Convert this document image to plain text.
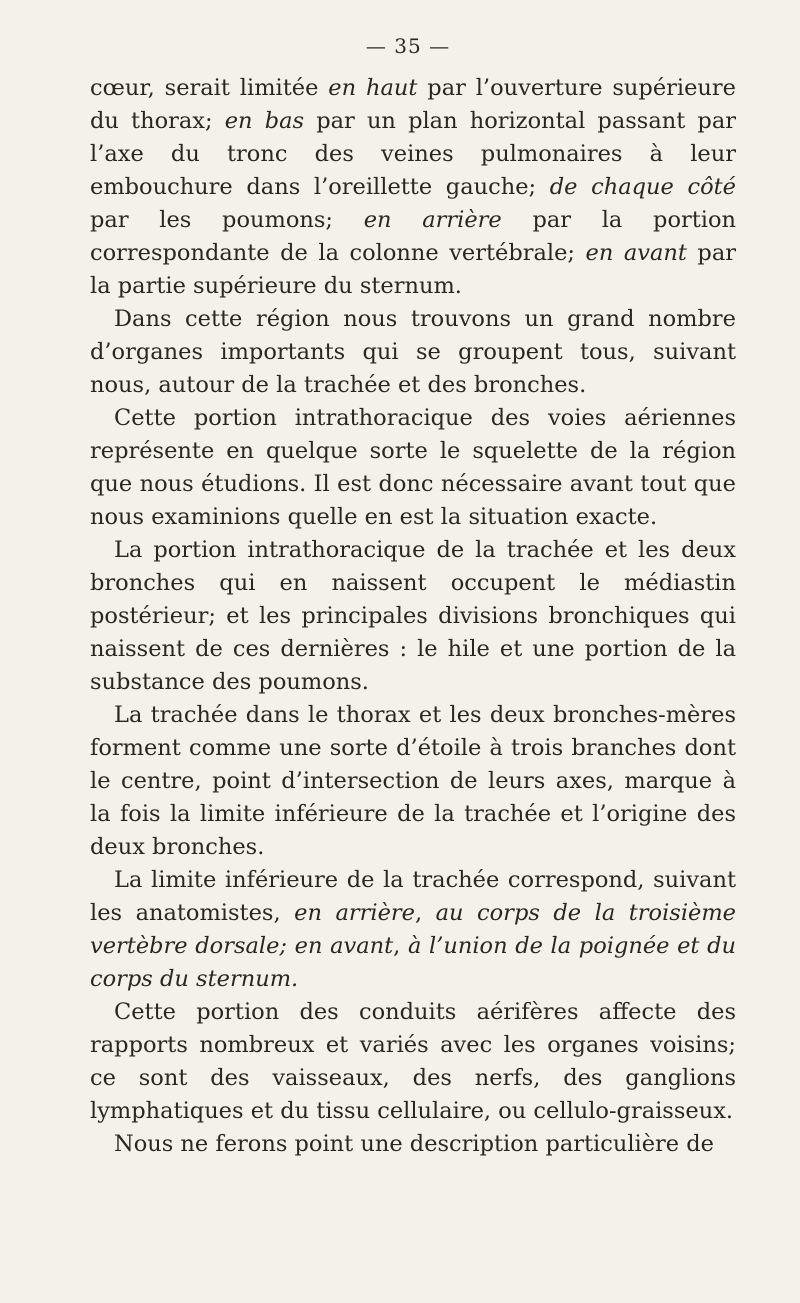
— 35 —

cœur, serait limitée en haut par l’ouverture supérieure du thorax; en bas par un plan horizontal passant par l’axe du tronc des veines pulmonaires à leur embouchure dans l’oreillette gauche; de chaque côté par les poumons; en arrière par la portion correspondante de la colonne vertébrale; en avant par la partie supérieure du sternum.

Dans cette région nous trouvons un grand nombre d’organes importants qui se groupent tous, suivant nous, autour de la trachée et des bronches.

Cette portion intrathoracique des voies aériennes représente en quelque sorte le squelette de la région que nous étudions. Il est donc nécessaire avant tout que nous examinions quelle en est la situation exacte.

La portion intrathoracique de la trachée et les deux bronches qui en naissent occupent le médiastin postérieur; et les principales divisions bronchiques qui naissent de ces dernières : le hile et une portion de la substance des poumons.

La trachée dans le thorax et les deux bronches-mères forment comme une sorte d’étoile à trois branches dont le centre, point d’intersection de leurs axes, marque à la fois la limite inférieure de la trachée et l’origine des deux bronches.

La limite inférieure de la trachée correspond, suivant les anatomistes, en arrière, au corps de la troisième vertèbre dorsale; en avant, à l’union de la poignée et du corps du sternum.

Cette portion des conduits aérifères affecte des rapports nombreux et variés avec les organes voisins; ce sont des vaisseaux, des nerfs, des ganglions lymphatiques et du tissu cellulaire, ou cellulo-graisseux.

Nous ne ferons point une description particulière de
